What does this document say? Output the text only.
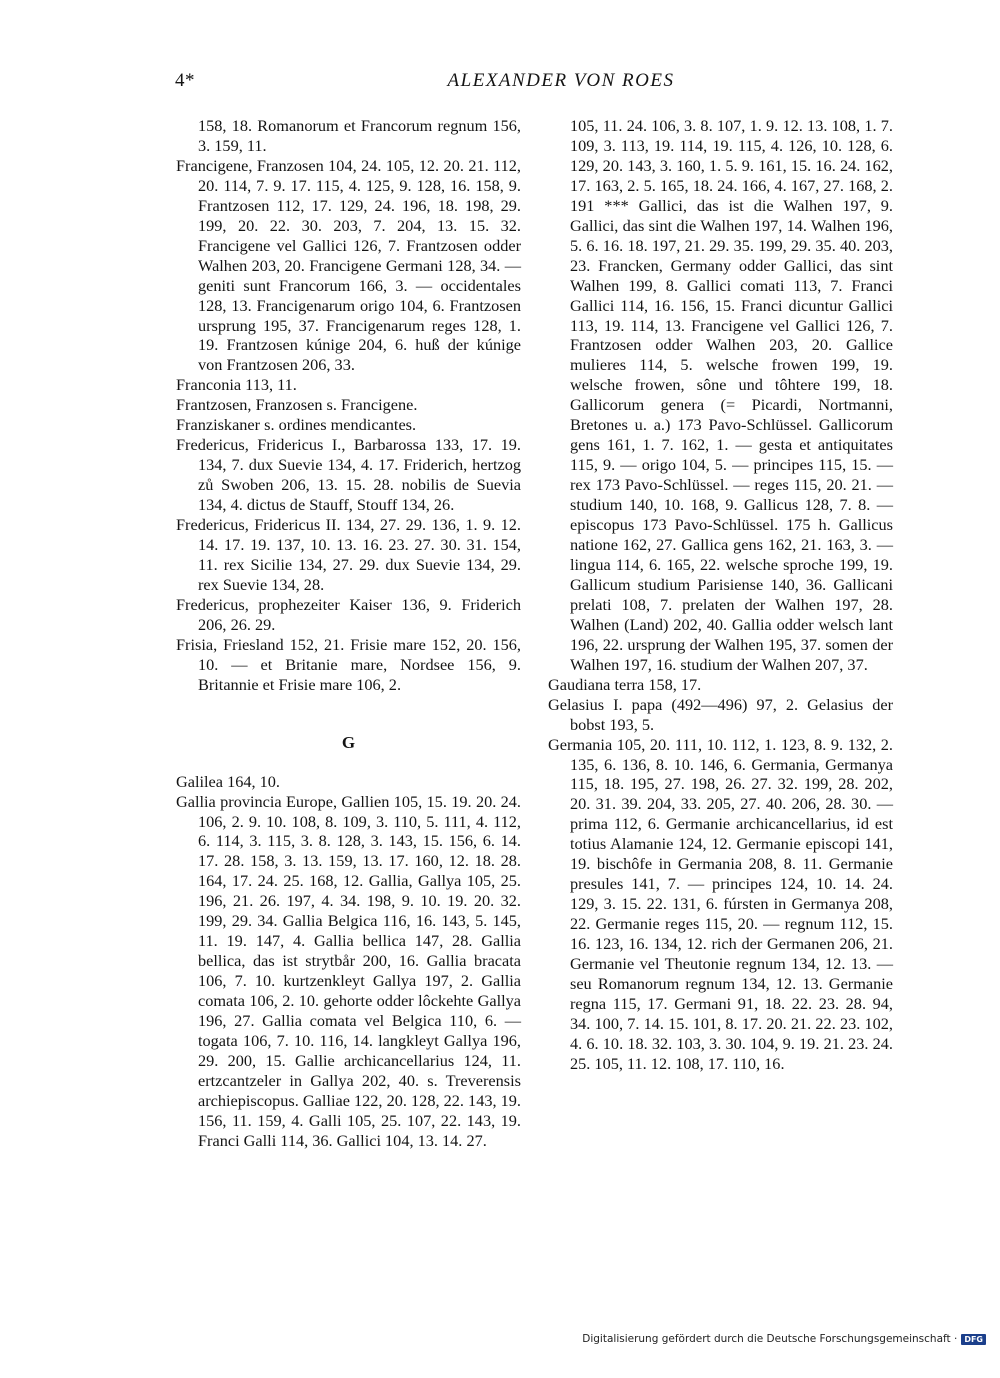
4*	ALEXANDER VON ROES

158, 18. Romanorum et Francorum regnum 156, 3. 159, 11.

Francigene, Franzosen 104, 24. 105, 12. 20. 21. 112, 20. 114, 7. 9. 17. 115, 4. 125, 9. 128, 16. 158, 9. Frantzosen 112, 17. 129, 24. 196, 18. 198, 29. 199, 20. 22. 30. 203, 7. 204, 13. 15. 32. Francigene vel Gallici 126, 7. Frantzosen odder Walhen 203, 20. Francigene Germani 128, 34. — geniti sunt Francorum 166, 3. — occidentales 128, 13. Francigenarum origo 104, 6. Frantzosen ursprung 195, 37. Francigenarum reges 128, 1. 19. Frantzosen kúnige 204, 6. huß der kúnige von Frantzosen 206, 33.

Franconia 113, 11.

Frantzosen, Franzosen s. Francigene.

Franziskaner s. ordines mendicantes.

Fredericus, Fridericus I., Barbarossa 133, 17. 19. 134, 7. dux Suevie 134, 4. 17. Friderich, hertzog zů Swoben 206, 13. 15. 28. nobilis de Suevia 134, 4. dictus de Stauff, Stouff 134, 26.

Fredericus, Fridericus II. 134, 27. 29. 136, 1. 9. 12. 14. 17. 19. 137, 10. 13. 16. 23. 27. 30. 31. 154, 11. rex Sicilie 134, 27. 29. dux Suevie 134, 29. rex Suevie 134, 28.

Fredericus, prophezeiter Kaiser 136, 9. Friderich 206, 26. 29.

Frisia, Friesland 152, 21. Frisie mare 152, 20. 156, 10. — et Britanie mare, Nordsee 156, 9. Britannie et Frisie mare 106, 2.

G

Galilea 164, 10.

Gallia provincia Europe, Gallien 105, 15. 19. 20. 24. 106, 2. 9. 10. 108, 8. 109, 3. 110, 5. 111, 4. 112, 6. 114, 3. 115, 3. 8. 128, 3. 143, 15. 156, 6. 14. 17. 28. 158, 3. 13. 159, 13. 17. 160, 12. 18. 28. 164, 17. 24. 25. 168, 12. Gallia, Gallya 105, 25. 196, 21. 26. 197, 4. 34. 198, 9. 10. 19. 20. 32. 199, 29. 34. Gallia Belgica 116, 16. 143, 5. 145, 11. 19. 147, 4. Gallia bellica 147, 28. Gallia bellica, das ist strytbår 200, 16. Gallia bracata 106, 7. 10. kurtzenkleyt Gallya 197, 2. Gallia comata 106, 2. 10. gehorte odder lôckehte Gallya 196, 27. Gallia comata vel Belgica 110, 6. — togata 106, 7. 10. 116, 14. langkleyt Gallya 196, 29. 200, 15. Gallie archicancellarius 124, 11. ertzcantzeler in Gallya 202, 40. s. Treverensis archiepiscopus. Galliae 122, 20. 128, 22. 143, 19. 156, 11. 159, 4. Galli 105, 25. 107, 22. 143, 19. Franci Galli 114, 36. Gallici 104, 13. 14. 27.

105, 11. 24. 106, 3. 8. 107, 1. 9. 12. 13. 108, 1. 7. 109, 3. 113, 19. 114, 19. 115, 4. 126, 10. 128, 6. 129, 20. 143, 3. 160, 1. 5. 9. 161, 15. 16. 24. 162, 17. 163, 2. 5. 165, 18. 24. 166, 4. 167, 27. 168, 2. 191 *** Gallici, das ist die Walhen 197, 9. Gallici, das sint die Walhen 197, 14. Walhen 196, 5. 6. 16. 18. 197, 21. 29. 35. 199, 29. 35. 40. 203, 23. Francken, Germany odder Gallici, das sint Walhen 199, 8. Gallici comati 113, 7. Franci Gallici 114, 16. 156, 15. Franci dicuntur Gallici 113, 19. 114, 13. Francigene vel Gallici 126, 7. Frantzosen odder Walhen 203, 20. Gallice mulieres 114, 5. welsche frowen 199, 19. welsche frowen, sône und tôhtere 199, 18. Gallicorum genera (= Picardi, Nortmanni, Bretones u. a.) 173 Pavo-Schlüssel. Gallicorum gens 161, 1. 7. 162, 1. — gesta et antiquitates 115, 9. — origo 104, 5. — principes 115, 15. — rex 173 Pavo-Schlüssel. — reges 115, 20. 21. — studium 140, 10. 168, 9. Gallicus 128, 7. 8. — episcopus 173 Pavo-Schlüssel. 175 h. Gallicus natione 162, 27. Gallica gens 162, 21. 163, 3. — lingua 114, 6. 165, 22. welsche sproche 199, 19. Gallicum studium Parisiense 140, 36. Gallicani prelati 108, 7. prelaten der Walhen 197, 28. Walhen (Land) 202, 40. Gallia odder welsch lant 196, 22. ursprung der Walhen 195, 37. somen der Walhen 197, 16. studium der Walhen 207, 37.

Gaudiana terra 158, 17.

Gelasius I. papa (492—496) 97, 2. Gelasius der bobst 193, 5.

Germania 105, 20. 111, 10. 112, 1. 123, 8. 9. 132, 2. 135, 6. 136, 8. 10. 146, 6. Germania, Germanya 115, 18. 195, 27. 198, 26. 27. 32. 199, 28. 202, 20. 31. 39. 204, 33. 205, 27. 40. 206, 28. 30. — prima 112, 6. Germanie archicancellarius, id est totius Alamanie 124, 12. Germanie episcopi 141, 19. bischôfe in Germania 208, 8. 11. Germanie presules 141, 7. — principes 124, 10. 14. 24. 129, 3. 15. 22. 131, 6. fúrsten in Germanya 208, 22. Germanie reges 115, 20. — regnum 112, 15. 16. 123, 16. 134, 12. rich der Germanen 206, 21. Germanie vel Theutonie regnum 134, 12. 13. — seu Romanorum regnum 134, 12. 13. Germanie regna 115, 17. Germani 91, 18. 22. 23. 28. 94, 34. 100, 7. 14. 15. 101, 8. 17. 20. 21. 22. 23. 102, 4. 6. 10. 18. 32. 103, 3. 30. 104, 9. 19. 21. 23. 24. 25. 105, 11. 12. 108, 17. 110, 16.

Digitalisierung gefördert durch die Deutsche Forschungsgemeinschaft · DFG
